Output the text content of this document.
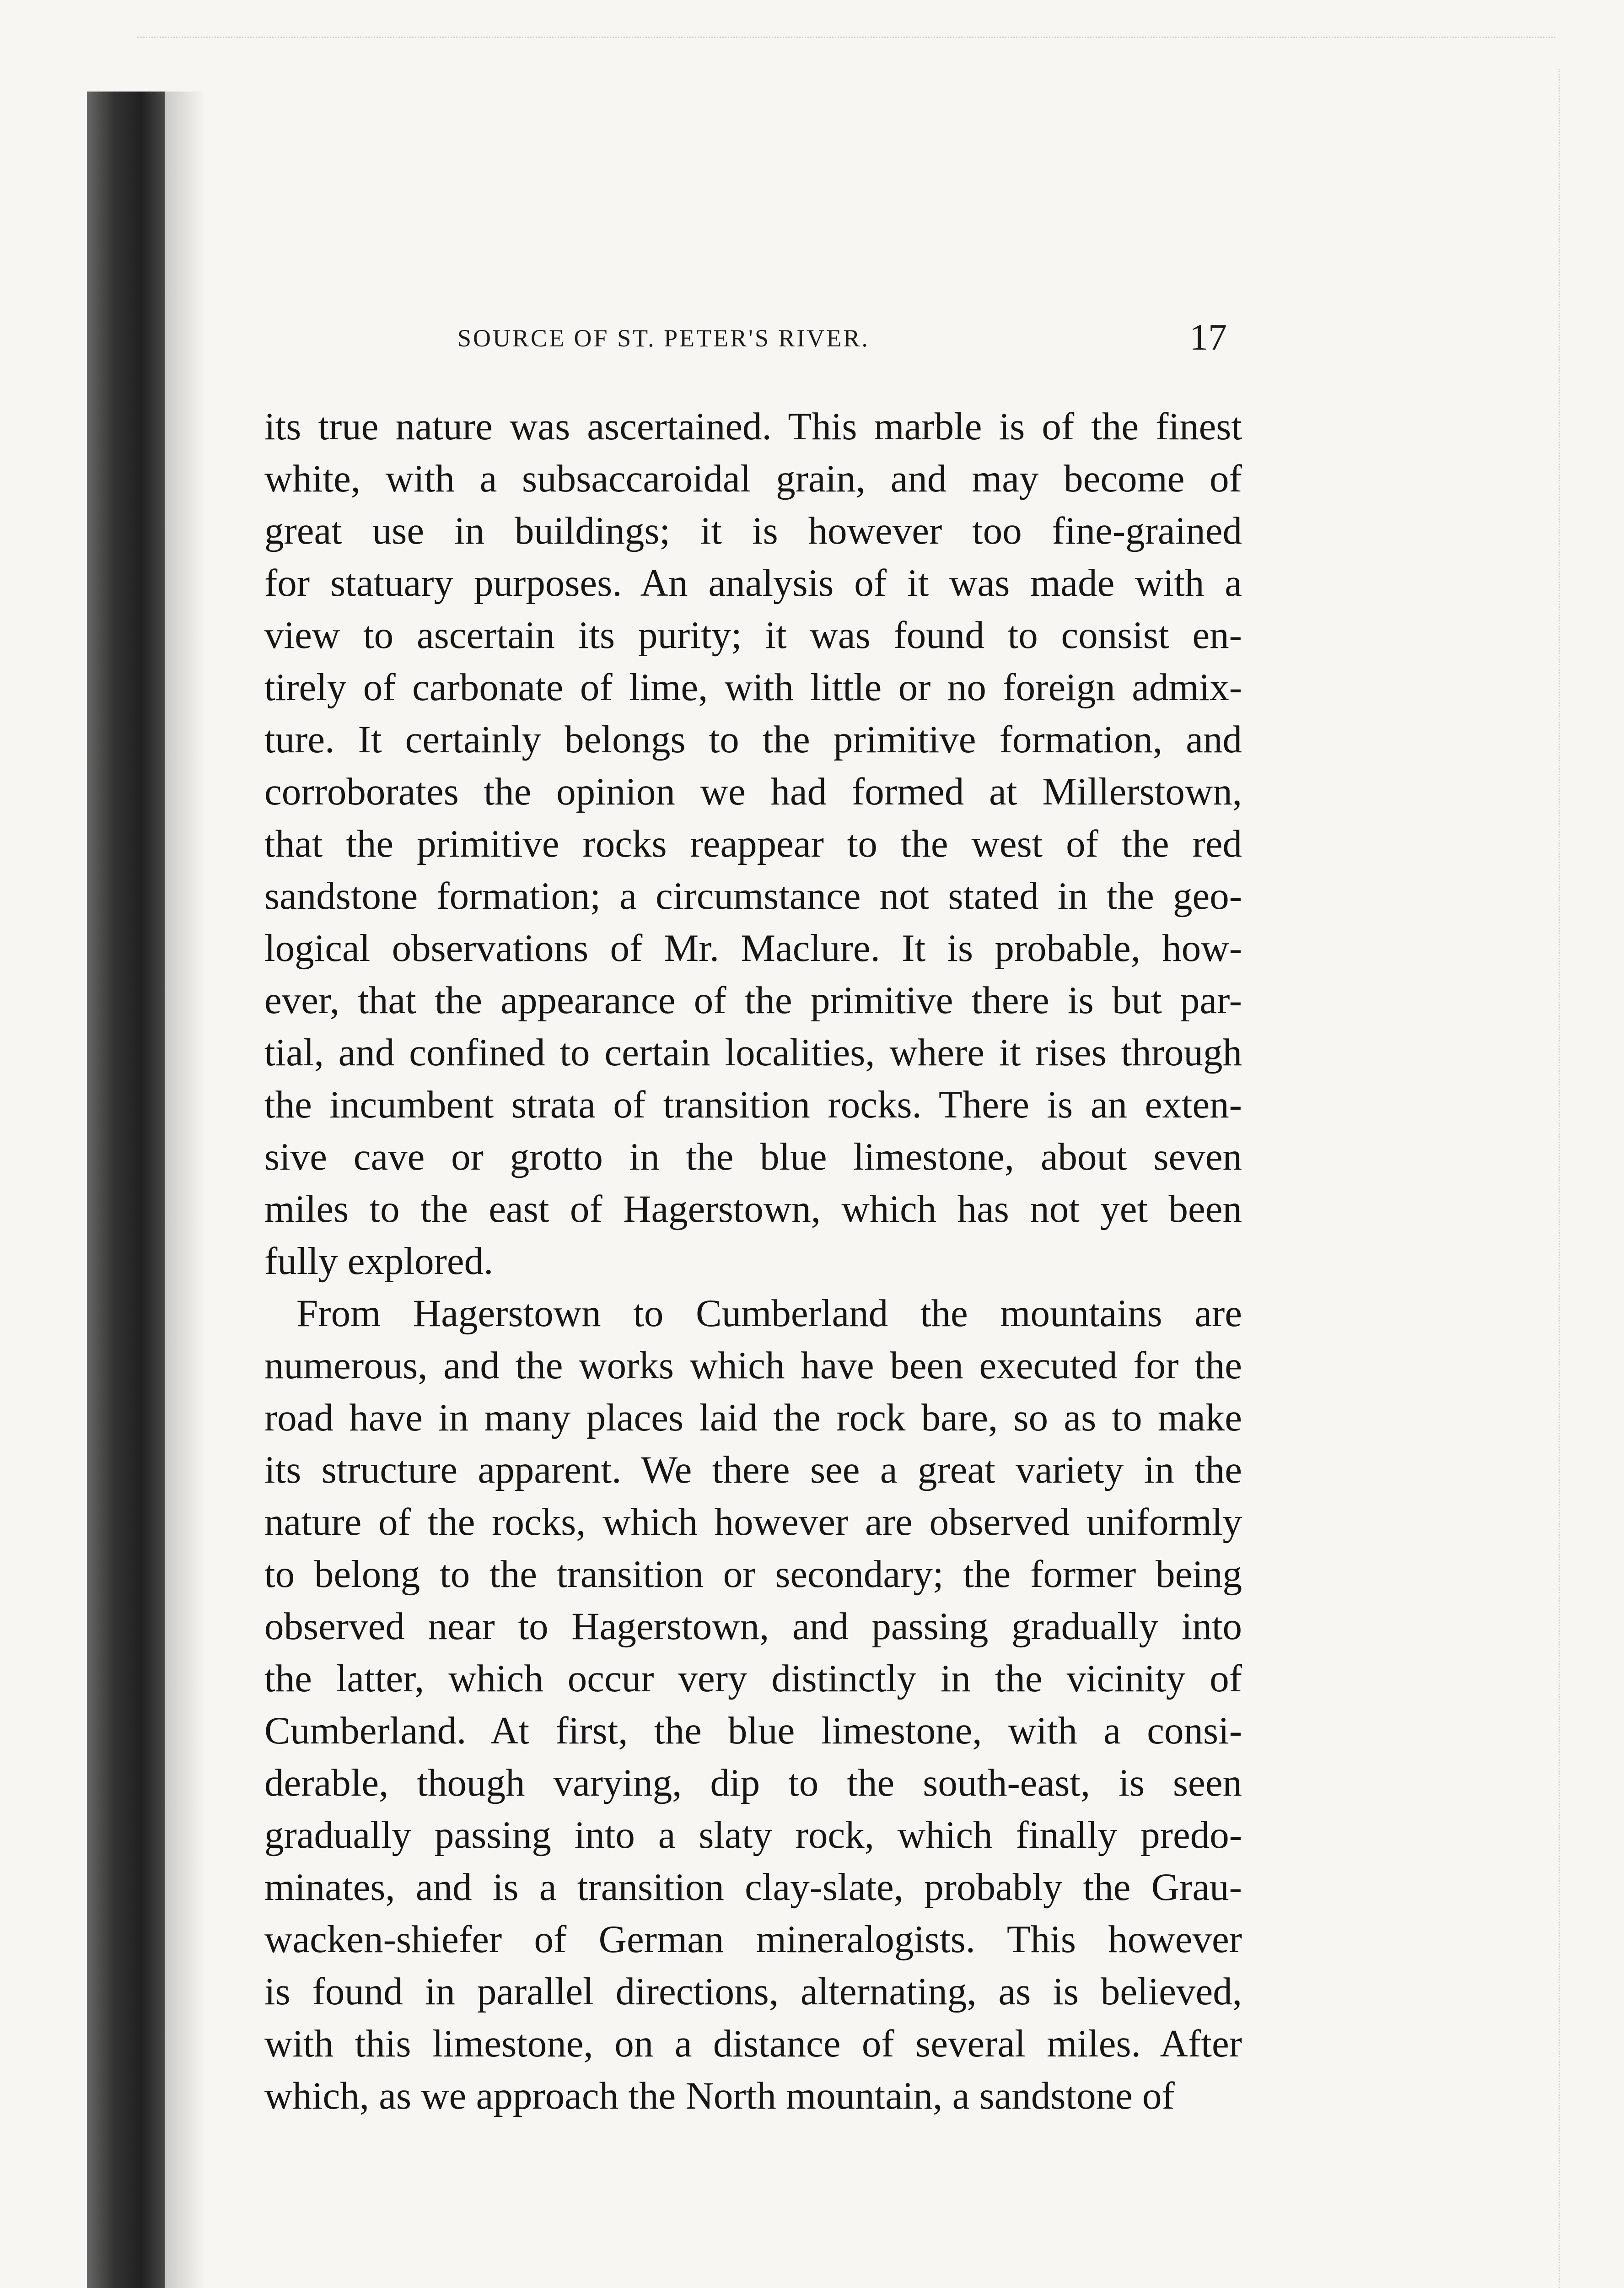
SOURCE OF ST. PETER'S RIVER.	17
its true nature was ascertained. This marble is of the finest
white, with a subsaccaroidal grain, and may become of
great use in buildings; it is however too fine-grained
for statuary purposes. An analysis of it was made with a
view to ascertain its purity; it was found to consist en-
tirely of carbonate of lime, with little or no foreign admix-
ture. It certainly belongs to the primitive formation, and
corroborates the opinion we had formed at Millerstown,
that the primitive rocks reappear to the west of the red
sandstone formation; a circumstance not stated in the geo-
logical observations of Mr. Maclure. It is probable, how-
ever, that the appearance of the primitive there is but par-
tial, and confined to certain localities, where it rises through
the incumbent strata of transition rocks. There is an exten-
sive cave or grotto in the blue limestone, about seven
miles to the east of Hagerstown, which has not yet been
fully explored.
From Hagerstown to Cumberland the mountains are
numerous, and the works which have been executed for the
road have in many places laid the rock bare, so as to make
its structure apparent. We there see a great variety in the
nature of the rocks, which however are observed uniformly
to belong to the transition or secondary; the former being
observed near to Hagerstown, and passing gradually into
the latter, which occur very distinctly in the vicinity of
Cumberland. At first, the blue limestone, with a consi-
derable, though varying, dip to the south-east, is seen
gradually passing into a slaty rock, which finally predo-
minates, and is a transition clay-slate, probably the Grau-
wacken-shiefer of German mineralogists. This however
is found in parallel directions, alternating, as is believed,
with this limestone, on a distance of several miles. After
which, as we approach the North mountain, a sandstone of
